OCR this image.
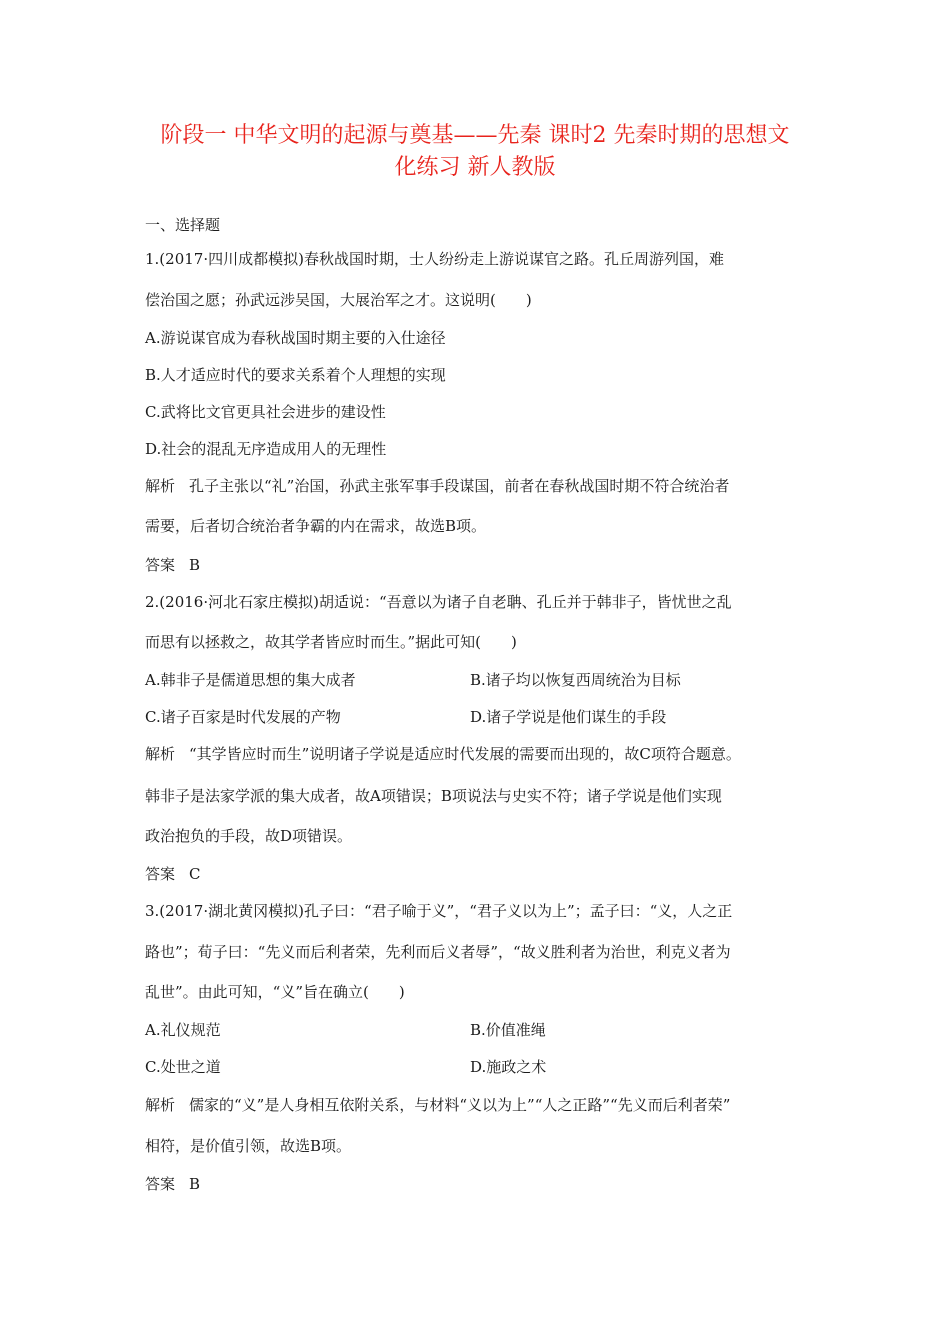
阶段一 中华文明的起源与奠基——先秦 课时2 先秦时期的思想文
化练习 新人教版
一、选择题
1.(2017·四川成都模拟)春秋战国时期，士人纷纷走上游说谋官之路。孔丘周游列国，难
偿治国之愿；孙武远涉吴国，大展治军之才。这说明(　　)
A.游说谋官成为春秋战国时期主要的入仕途径
B.人才适应时代的要求关系着个人理想的实现
C.武将比文官更具社会进步的建设性
D.社会的混乱无序造成用人的无理性
解析 孔子主张以“礼”治国，孙武主张军事手段谋国，前者在春秋战国时期不符合统治者
需要，后者切合统治者争霸的内在需求，故选B项。
答案 B
2.(2016·河北石家庄模拟)胡适说：“吾意以为诸子自老聃、孔丘并于韩非子，皆忧世之乱
而思有以拯救之，故其学者皆应时而生。”据此可知(　　)
A.韩非子是儒道思想的集大成者	B.诸子均以恢复西周统治为目标
C.诸子百家是时代发展的产物	D.诸子学说是他们谋生的手段
解析 “其学皆应时而生”说明诸子学说是适应时代发展的需要而出现的，故C项符合题意。
韩非子是法家学派的集大成者，故A项错误；B项说法与史实不符；诸子学说是他们实现
政治抱负的手段，故D项错误。
答案 C
3.(2017·湖北黄冈模拟)孔子曰：“君子喻于义”，“君子义以为上”；孟子曰：“义，人之正
路也”；荀子曰：“先义而后利者荣，先利而后义者辱”，“故义胜利者为治世，利克义者为
乱世”。由此可知，“义”旨在确立(　　)
A.礼仪规范	B.价值准绳
C.处世之道	D.施政之术
解析 儒家的“义”是人身相互依附关系，与材料“义以为上”“人之正路”“先义而后利者荣”
相符，是价值引领，故选B项。
答案 B
